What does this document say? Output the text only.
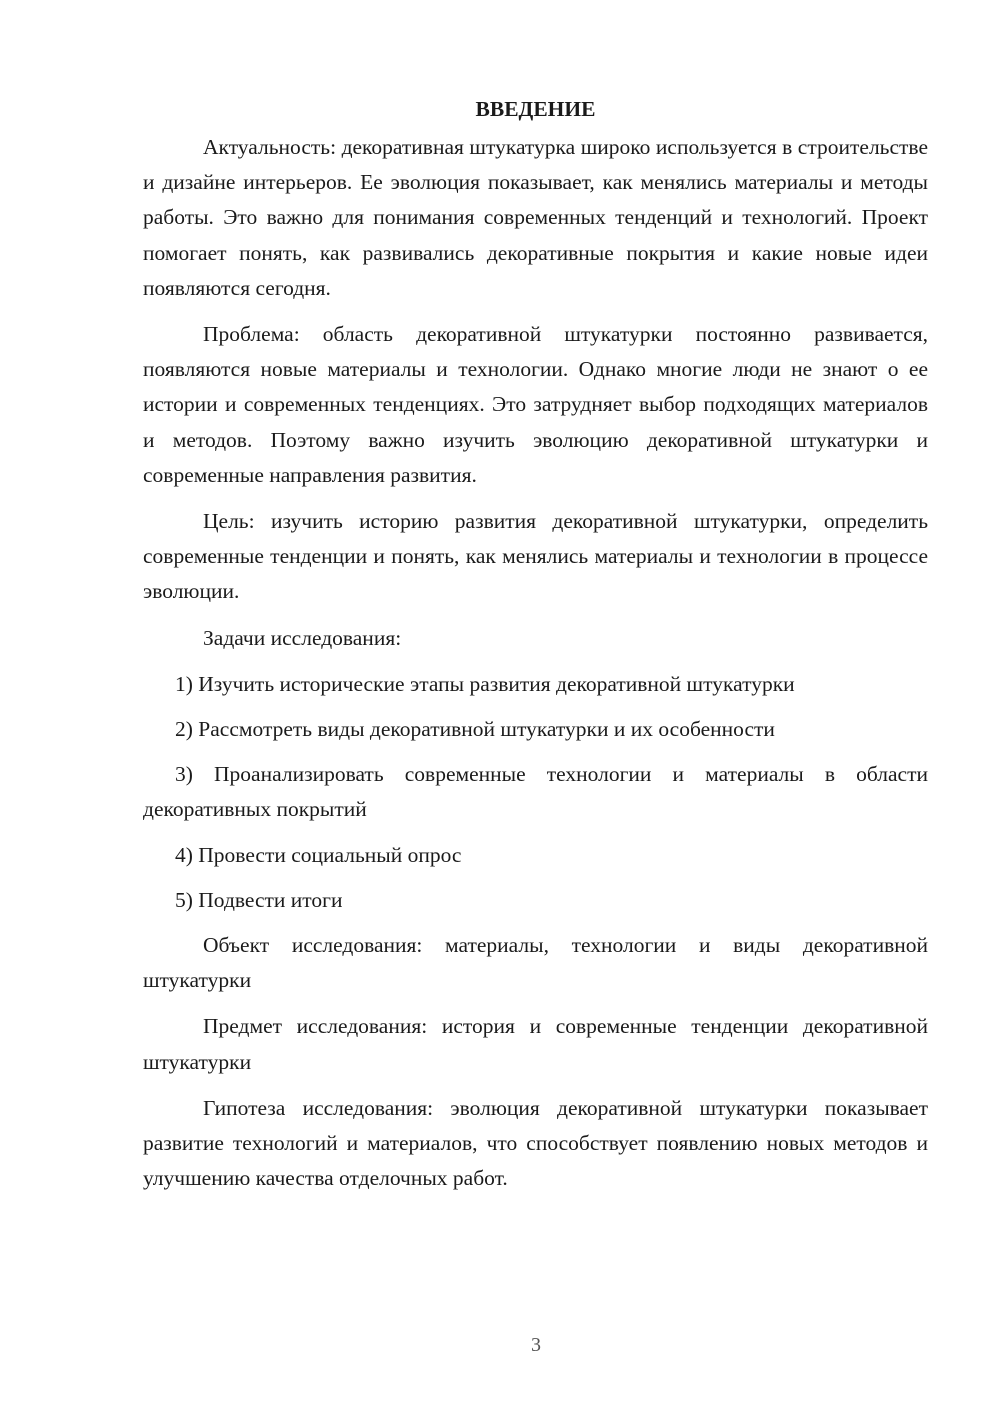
ВВЕДЕНИЕ

Актуальность: декоративная штукатурка широко используется в строительстве и дизайне интерьеров. Ее эволюция показывает, как менялись материалы и методы работы. Это важно для понимания современных тенденций и технологий. Проект помогает понять, как развивались декоративные покрытия и какие новые идеи появляются сегодня.

Проблема: область декоративной штукатурки постоянно развивается, появляются новые материалы и технологии. Однако многие люди не знают о ее истории и современных тенденциях. Это затрудняет выбор подходящих материалов и методов. Поэтому важно изучить эволюцию декоративной штукатурки и современные направления развития.

Цель: изучить историю развития декоративной штукатурки, определить современные тенденции и понять, как менялись материалы и технологии в процессе эволюции.

Задачи исследования:

1) Изучить исторические этапы развития декоративной штукатурки

2) Рассмотреть виды декоративной штукатурки и их особенности

3) Проанализировать современные технологии и материалы в области декоративных покрытий

4) Провести социальный опрос

5) Подвести итоги

Объект исследования: материалы, технологии и виды декоративной штукатурки

Предмет исследования: история и современные тенденции декоративной штукатурки

Гипотеза исследования: эволюция декоративной штукатурки показывает развитие технологий и материалов, что способствует появлению новых методов и улучшению качества отделочных работ.

3
